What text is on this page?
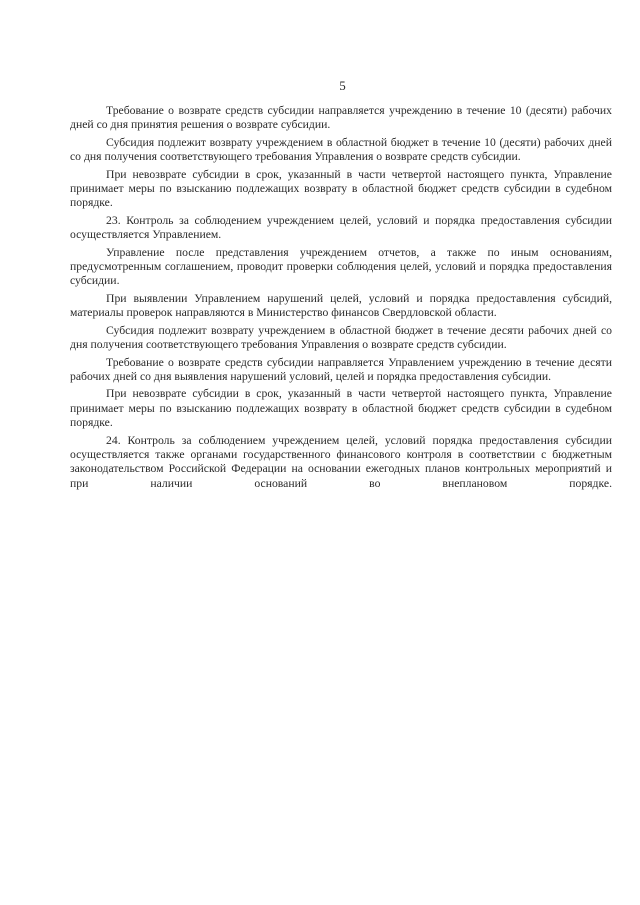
5

Требование о возврате средств субсидии направляется учреждению в течение 10 (десяти) рабочих дней со дня принятия решения о возврате субсидии.

Субсидия подлежит возврату учреждением в областной бюджет в течение 10 (десяти) рабочих дней со дня получения соответствующего требования Управления о возврате средств субсидии.

При невозврате субсидии в срок, указанный в части четвертой настоящего пункта, Управление принимает меры по взысканию подлежащих возврату в областной бюджет средств субсидии в судебном порядке.

23. Контроль за соблюдением учреждением целей, условий и порядка предоставления субсидии осуществляется Управлением.

Управление после представления учреждением отчетов, а также по иным основаниям, предусмотренным соглашением, проводит проверки соблюдения целей, условий и порядка предоставления субсидии.

При выявлении Управлением нарушений целей, условий и порядка предоставления субсидий, материалы проверок направляются в Министерство финансов Свердловской области.

Субсидия подлежит возврату учреждением в областной бюджет в течение десяти рабочих дней со дня получения соответствующего требования Управления о возврате средств субсидии.

Требование о возврате средств субсидии направляется Управлением учреждению в течение десяти рабочих дней со дня выявления нарушений условий, целей и порядка предоставления субсидии.

При невозврате субсидии в срок, указанный в части четвертой настоящего пункта, Управление принимает меры по взысканию подлежащих возврату в областной бюджет средств субсидии в судебном порядке.

24. Контроль за соблюдением учреждением целей, условий порядка предоставления субсидии осуществляется также органами государственного финансового контроля в соответствии с бюджетным законодательством Российской Федерации на основании ежегодных планов контрольных мероприятий и при наличии оснований во внеплановом порядке.
